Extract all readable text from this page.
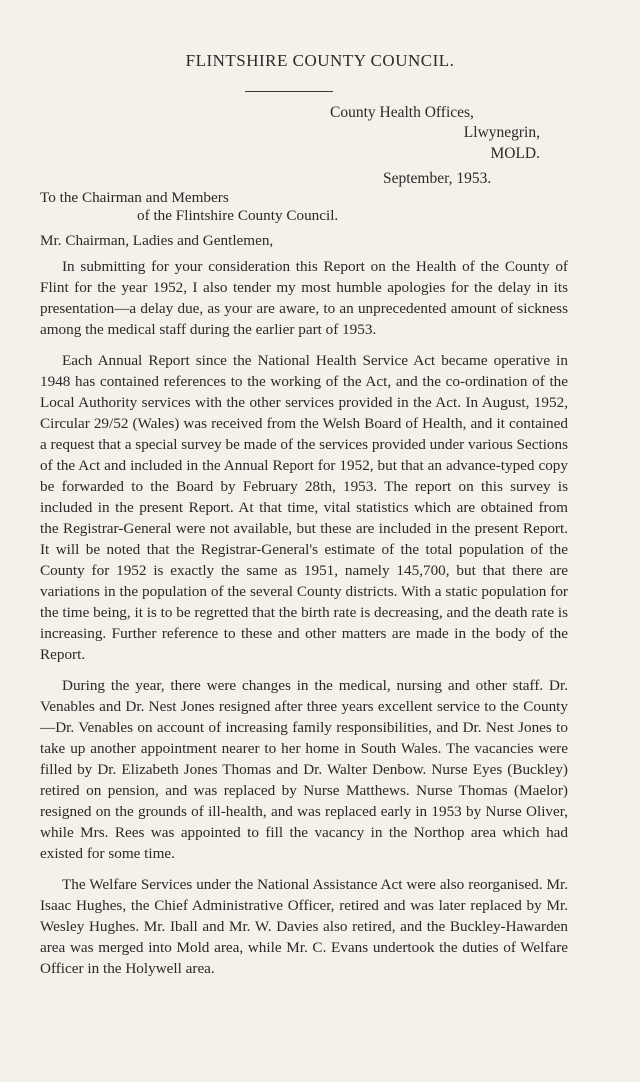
FLINTSHIRE COUNTY COUNCIL.
County Health Offices,
Llwynegrin,
MOLD.
September, 1953.
To the Chairman and Members
of the Flintshire County Council.
Mr. Chairman, Ladies and Gentlemen,

In submitting for your consideration this Report on the Health of the County of Flint for the year 1952, I also tender my most humble apologies for the delay in its presentation—a delay due, as your are aware, to an unprecedented amount of sickness among the medical staff during the earlier part of 1953.

Each Annual Report since the National Health Service Act became operative in 1948 has contained references to the working of the Act, and the co-ordination of the Local Authority services with the other services provided in the Act. In August, 1952, Circular 29/52 (Wales) was received from the Welsh Board of Health, and it contained a request that a special survey be made of the services provided under various Sections of the Act and included in the Annual Report for 1952, but that an advance-typed copy be forwarded to the Board by February 28th, 1953. The report on this survey is included in the present Report. At that time, vital statistics which are obtained from the Registrar-General were not available, but these are included in the present Report. It will be noted that the Registrar-General's estimate of the total population of the County for 1952 is exactly the same as 1951, namely 145,700, but that there are variations in the population of the several County districts. With a static population for the time being, it is to be regretted that the birth rate is decreasing, and the death rate is increasing. Further reference to these and other matters are made in the body of the Report.

During the year, there were changes in the medical, nursing and other staff. Dr. Venables and Dr. Nest Jones resigned after three years excellent service to the County—Dr. Venables on account of increasing family responsibilities, and Dr. Nest Jones to take up another appointment nearer to her home in South Wales. The vacancies were filled by Dr. Elizabeth Jones Thomas and Dr. Walter Denbow. Nurse Eyes (Buckley) retired on pension, and was replaced by Nurse Matthews. Nurse Thomas (Maelor) resigned on the grounds of ill-health, and was replaced early in 1953 by Nurse Oliver, while Mrs. Rees was appointed to fill the vacancy in the Northop area which had existed for some time.

The Welfare Services under the National Assistance Act were also reorganised. Mr. Isaac Hughes, the Chief Administrative Officer, retired and was later replaced by Mr. Wesley Hughes. Mr. Iball and Mr. W. Davies also retired, and the Buckley-Hawarden area was merged into Mold area, while Mr. C. Evans undertook the duties of Welfare Officer in the Holywell area.
